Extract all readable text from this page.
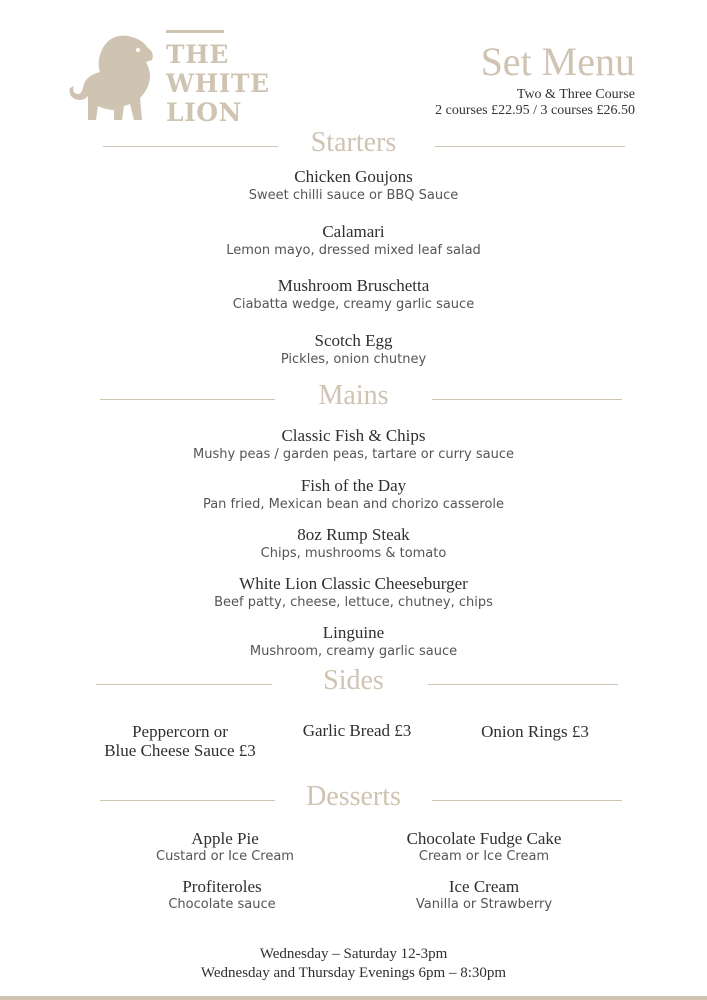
THE
WHITE
LION
Set Menu
Two & Three Course
2 courses £22.95 / 3 courses £26.50
Starters
Chicken Goujons
Sweet chilli sauce or BBQ Sauce
Calamari
Lemon mayo, dressed mixed leaf salad
Mushroom Bruschetta
Ciabatta wedge, creamy garlic sauce
Scotch Egg
Pickles, onion chutney
Mains
Classic Fish & Chips
Mushy peas / garden peas, tartare or curry sauce
Fish of the Day
Pan fried, Mexican bean and chorizo casserole
8oz Rump Steak
Chips, mushrooms & tomato
White Lion Classic Cheeseburger
Beef patty, cheese, lettuce, chutney, chips
Linguine
Mushroom, creamy garlic sauce
Sides
Peppercorn or
Blue Cheese Sauce £3
Garlic Bread £3	Onion Rings £3
Desserts
Apple Pie
Custard or Ice Cream
Chocolate Fudge Cake
Cream or Ice Cream
Profiteroles
Chocolate sauce
Ice Cream
Vanilla or Strawberry
Wednesday – Saturday 12-3pm
Wednesday and Thursday Evenings 6pm – 8:30pm
